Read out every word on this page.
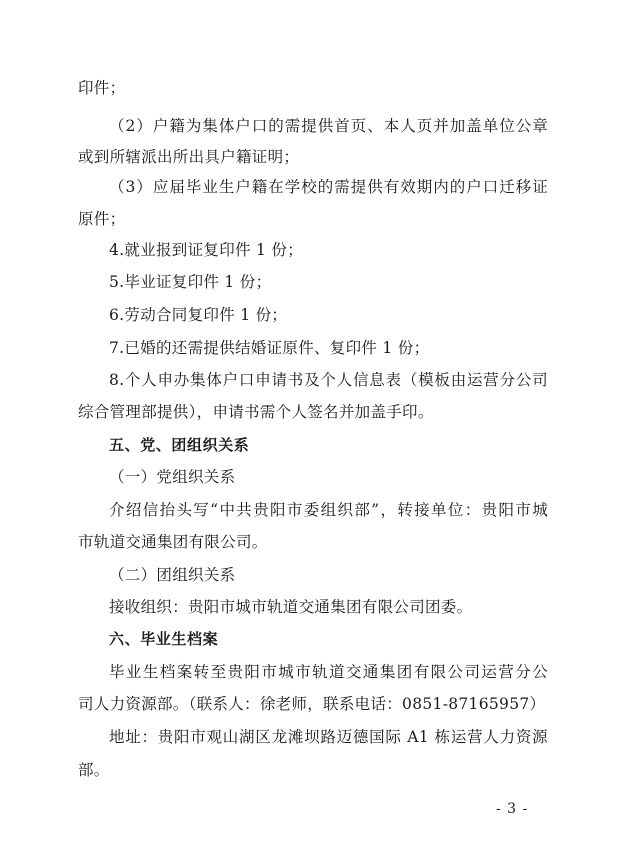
印件；
（2）户籍为集体户口的需提供首页、本人页并加盖单位公章
或到所辖派出所出具户籍证明；
（3）应届毕业生户籍在学校的需提供有效期内的户口迁移证
原件；
4.就业报到证复印件 1 份；
5.毕业证复印件 1 份；
6.劳动合同复印件 1 份；
7.已婚的还需提供结婚证原件、复印件 1 份；
8.个人申办集体户口申请书及个人信息表（模板由运营分公司
综合管理部提供），申请书需个人签名并加盖手印。
五、党、团组织关系
（一）党组织关系
介绍信抬头写“中共贵阳市委组织部”，转接单位：贵阳市城
市轨道交通集团有限公司。
（二）团组织关系
接收组织：贵阳市城市轨道交通集团有限公司团委。
六、毕业生档案
毕业生档案转至贵阳市城市轨道交通集团有限公司运营分公
司人力资源部。（联系人：徐老师，联系电话：0851-87165957）
地址：贵阳市观山湖区龙滩坝路迈德国际 A1 栋运营人力资源
部。
- 3 -
